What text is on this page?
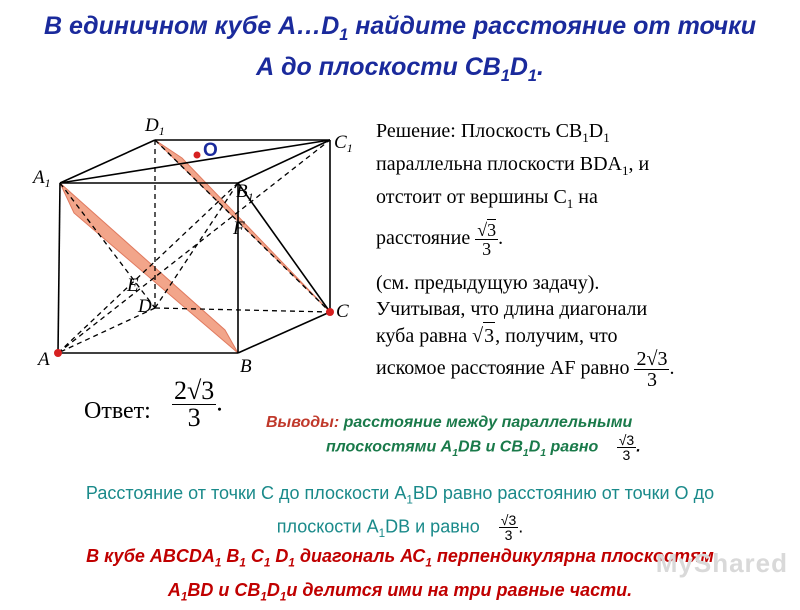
В единичном кубе $А\dots D_1$ найдите расстояние от точки
А до плоскости $СВ_1D_1$.
$D_1$
O	$C_1$
$A_1$	$B_1$
F
E
D	C
A	B

Решение: Плоскость $CB_1D_1$

параллельна плоскости $BDA_1$, и

отстоит от вершины $C_1$ на

расстояние $\frac{√3}{3}$ .

(см. предыдущую задачу).

Учитывая, что длина диагонали

куба равна √3, получим, что

искомое расстояние AF равно $\frac{2√3}{3}$ .

Ответ: $\frac{2√3}{3}$ .
Выводы: расстояние между параллельными
плоскостями $А_1DB$ и $СВ_1D_1$ равно $\frac{√3}{3}$ .
Расстояние от точки С до плоскости $А_1ВD$ равно расстоянию от точки О до
плоскости $А_1DB$ и равно $\frac{√3}{3}$ .
В кубе $ABCDA_1$ $B_1$ $C_1$ $D_1$ диагональ $АС_1$ перпендикулярна плоскостям
$А_1BD$ и $CB_1D_1и$ делится ими на три равные части.
MyShared
